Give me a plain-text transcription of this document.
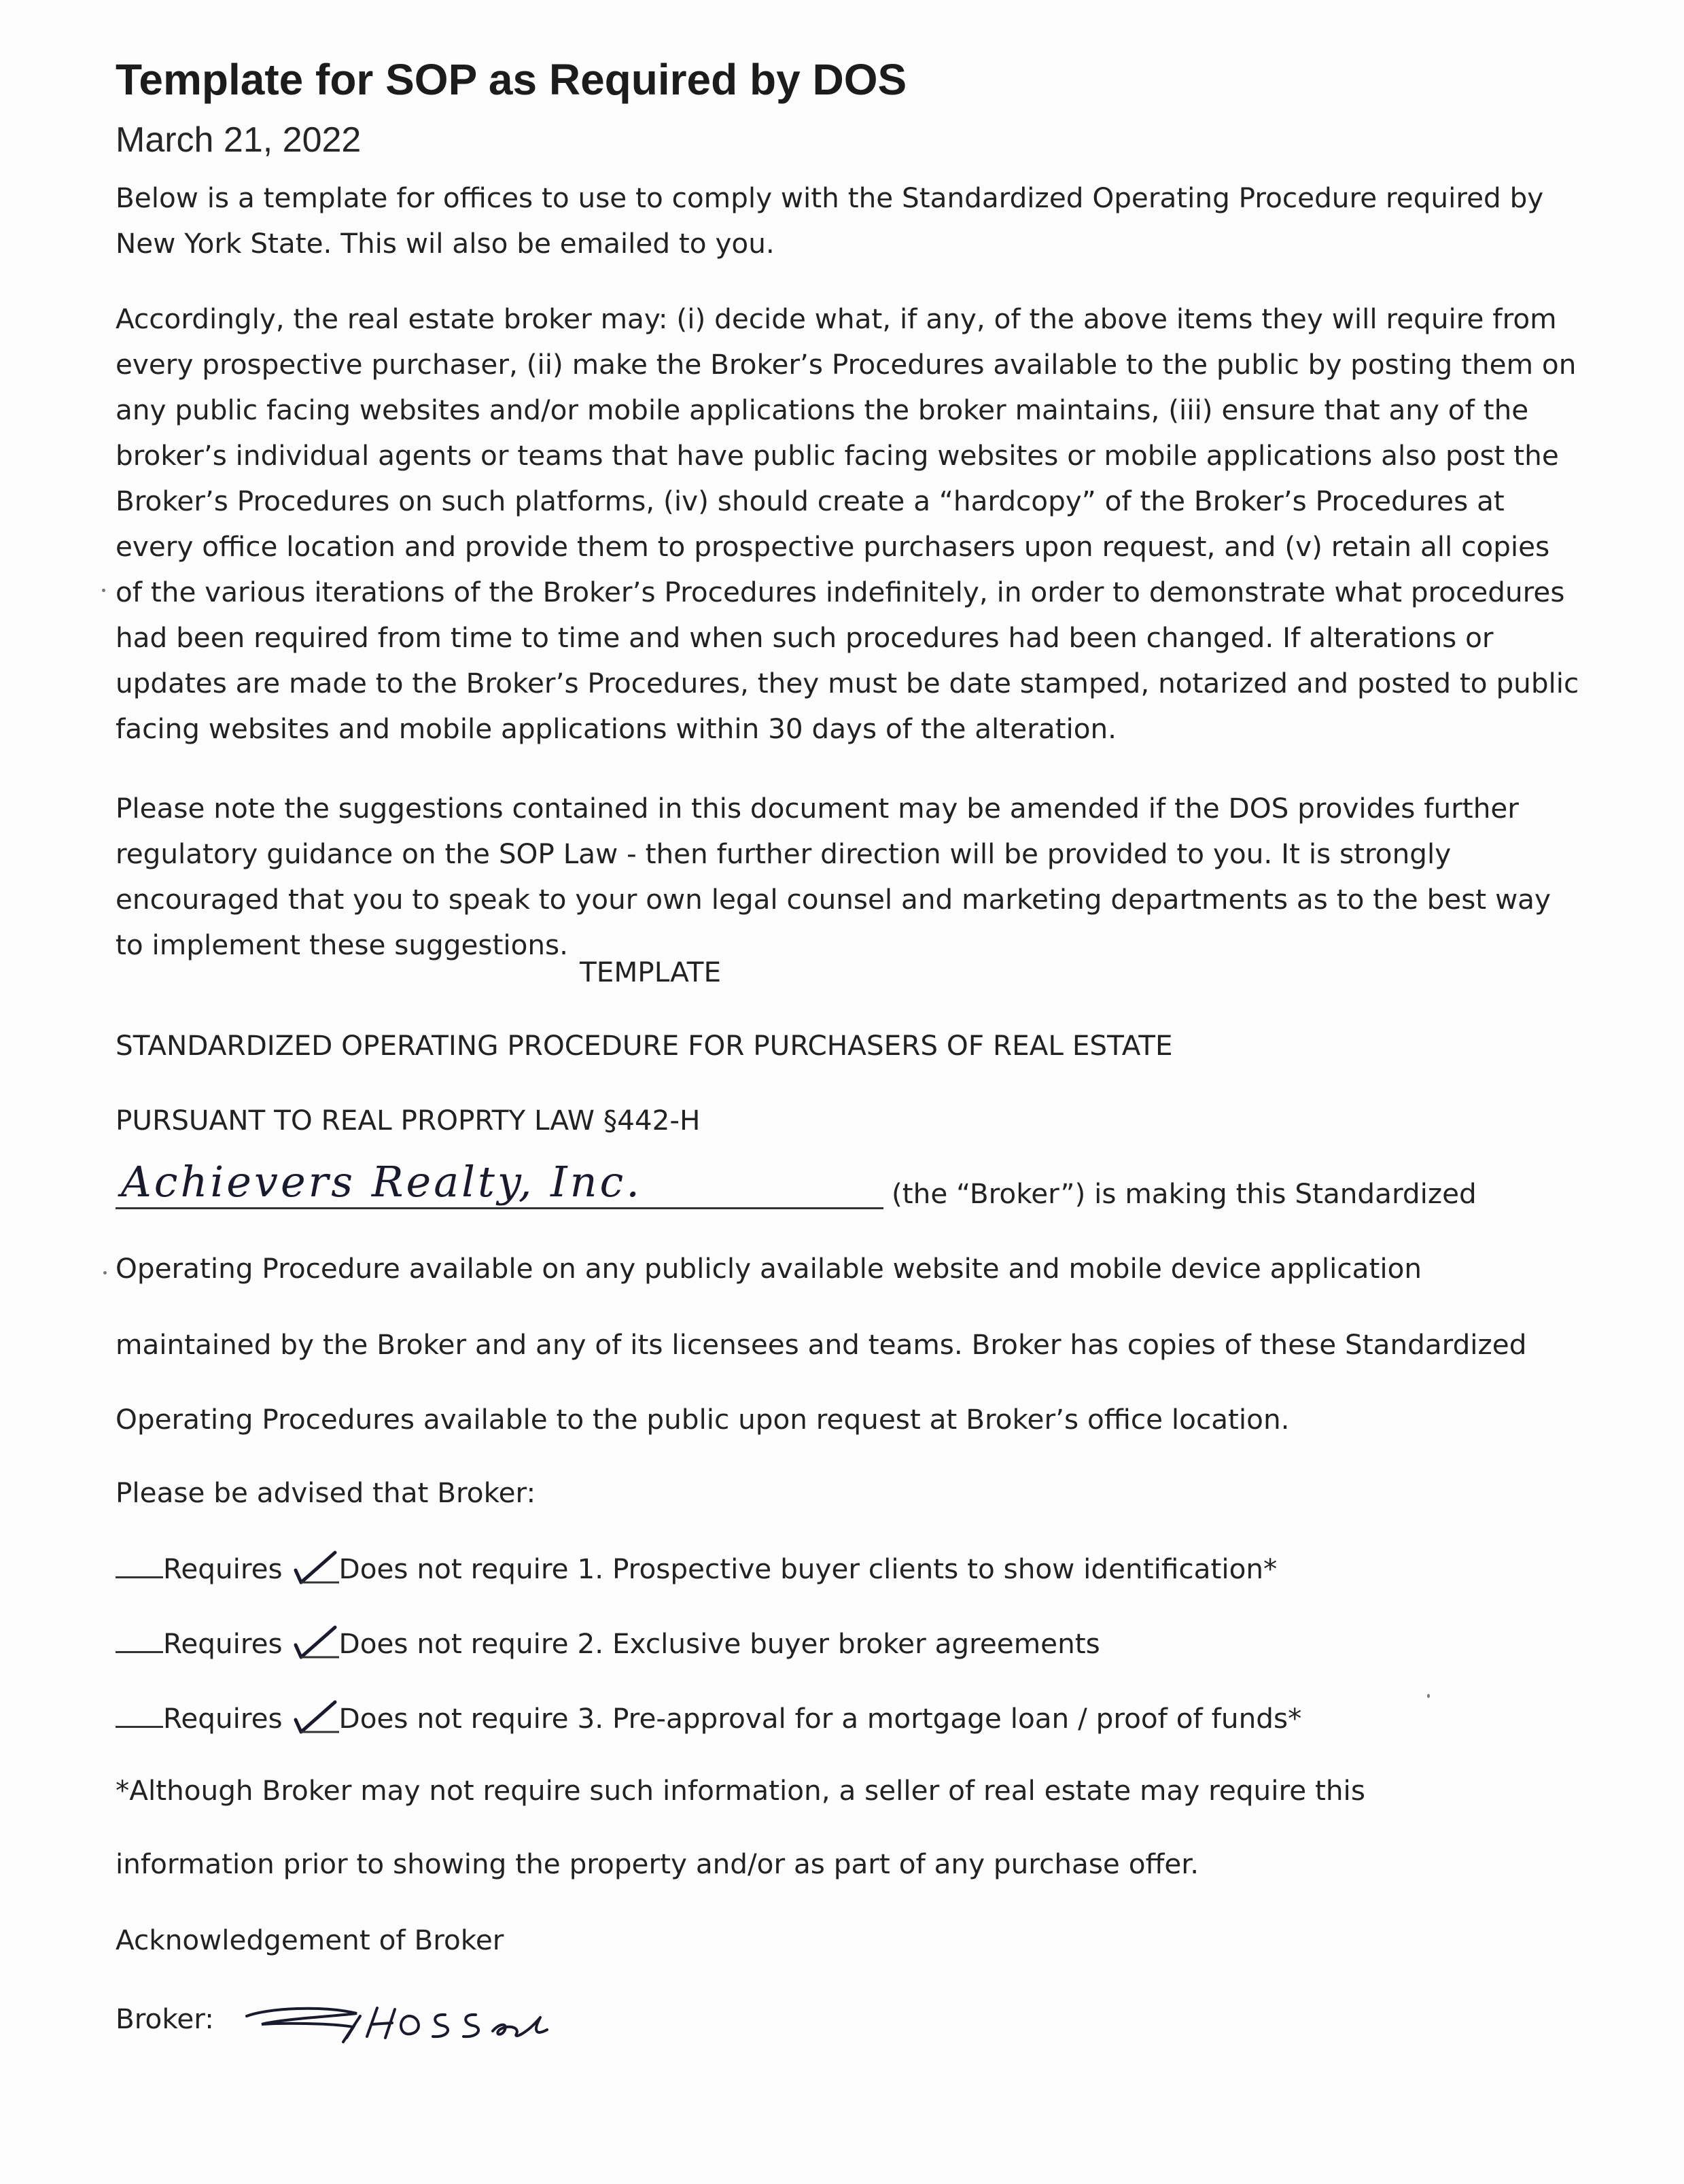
Template for SOP as Required by DOS
March 21, 2022
Below is a template for offices to use to comply with the Standardized Operating Procedure required by New York State. This wil also be emailed to you.
Accordingly, the real estate broker may: (i) decide what, if any, of the above items they will require from every prospective purchaser, (ii) make the Broker’s Procedures available to the public by posting them on any public facing websites and/or mobile applications the broker maintains, (iii) ensure that any of the broker’s individual agents or teams that have public facing websites or mobile applications also post the Broker’s Procedures on such platforms, (iv) should create a “hardcopy” of the Broker’s Procedures at every office location and provide them to prospective purchasers upon request, and (v) retain all copies of the various iterations of the Broker’s Procedures indefinitely, in order to demonstrate what procedures had been required from time to time and when such procedures had been changed. If alterations or updates are made to the Broker’s Procedures, they must be date stamped, notarized and posted to public facing websites and mobile applications within 30 days of the alteration.
Please note the suggestions contained in this document may be amended if the DOS provides further regulatory guidance on the SOP Law - then further direction will be provided to you. It is strongly encouraged that you to speak to your own legal counsel and marketing departments as to the best way to implement these suggestions.
TEMPLATE
STANDARDIZED OPERATING PROCEDURE FOR PURCHASERS OF REAL ESTATE
PURSUANT TO REAL PROPRTY LAW §442-H
Achievers Realty, Inc.	(the “Broker”) is making this Standardized
Operating Procedure available on any publicly available website and mobile device application
maintained by the Broker and any of its licensees and teams. Broker has copies of these Standardized
Operating Procedures available to the public upon request at Broker’s office location.
Please be advised that Broker:
Requires Does not require 1. Prospective buyer clients to show identification*
Requires Does not require 2. Exclusive buyer broker agreements
Requires Does not require 3. Pre-approval for a mortgage loan / proof of funds*
*Although Broker may not require such information, a seller of real estate may require this
information prior to showing the property and/or as part of any purchase offer.
Acknowledgement of Broker
Broker:
